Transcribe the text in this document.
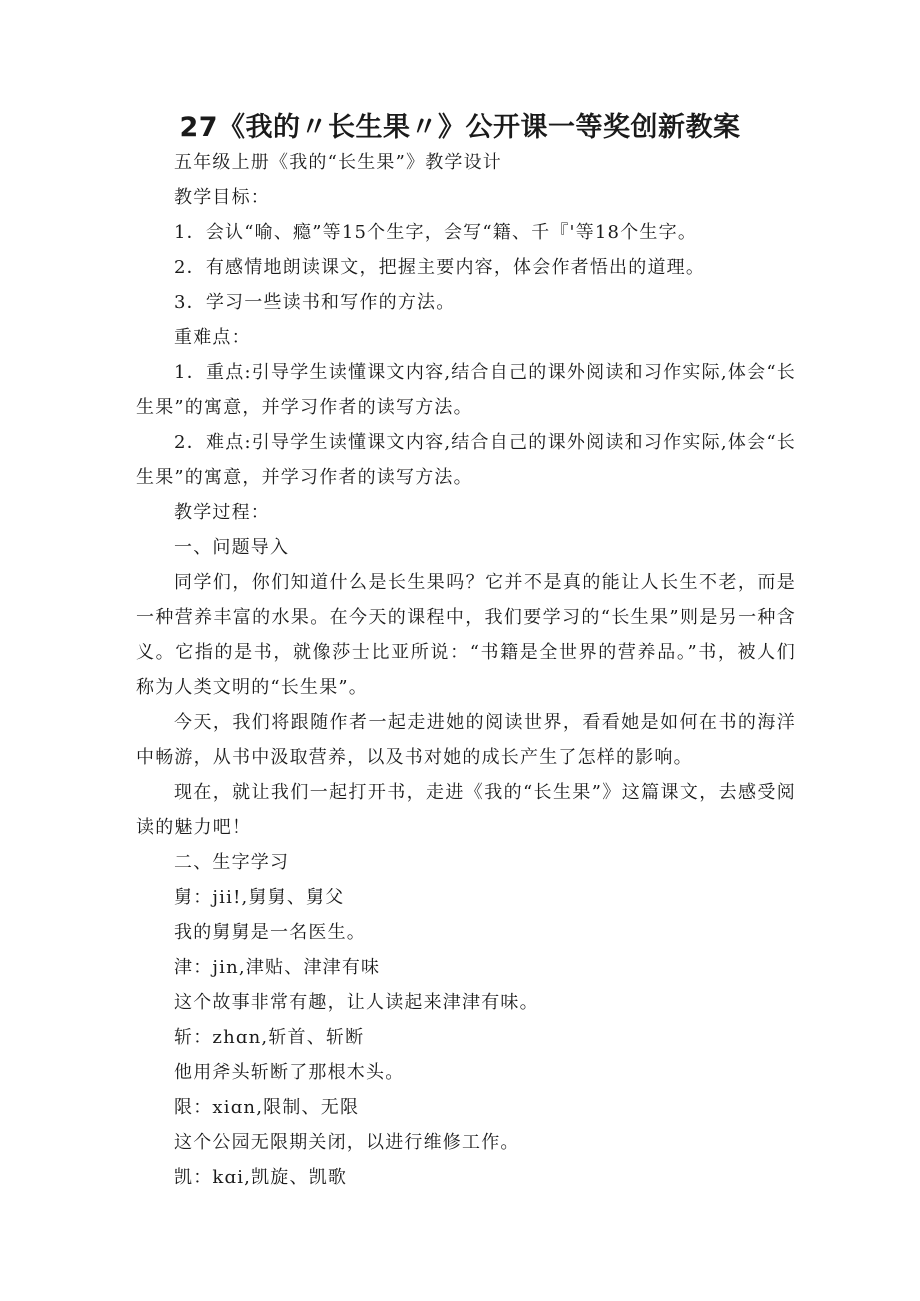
27《我的〃长生果〃》公开课一等奖创新教案

五年级上册《我的“长生果”》教学设计

教学目标：

1．会认“喻、瘾”等15个生字，会写“籍、千『'等18个生字。

2．有感情地朗读课文，把握主要内容，体会作者悟出的道理。

3．学习一些读书和写作的方法。

重难点：

1．重点:引导学生读懂课文内容,结合自己的课外阅读和习作实际,体会“长生果”的寓意，并学习作者的读写方法。

2．难点:引导学生读懂课文内容,结合自己的课外阅读和习作实际,体会“长生果”的寓意，并学习作者的读写方法。

教学过程：

一、问题导入

同学们，你们知道什么是长生果吗？它并不是真的能让人长生不老，而是一种营养丰富的水果。在今天的课程中，我们要学习的“长生果”则是另一种含义。它指的是书，就像莎士比亚所说：“书籍是全世界的营养品。”书，被人们称为人类文明的“长生果”。

今天，我们将跟随作者一起走进她的阅读世界，看看她是如何在书的海洋中畅游，从书中汲取营养，以及书对她的成长产生了怎样的影响。

现在，就让我们一起打开书，走进《我的“长生果”》这篇课文，去感受阅读的魅力吧！

二、生字学习

舅：jii!,舅舅、舅父

我的舅舅是一名医生。

津：jin,津贴、津津有味

这个故事非常有趣，让人读起来津津有味。

斩：zhɑn,斩首、斩断

他用斧头斩断了那根木头。

限：xiɑn,限制、无限

这个公园无限期关闭，以进行维修工作。

凯：kɑi,凯旋、凯歌
